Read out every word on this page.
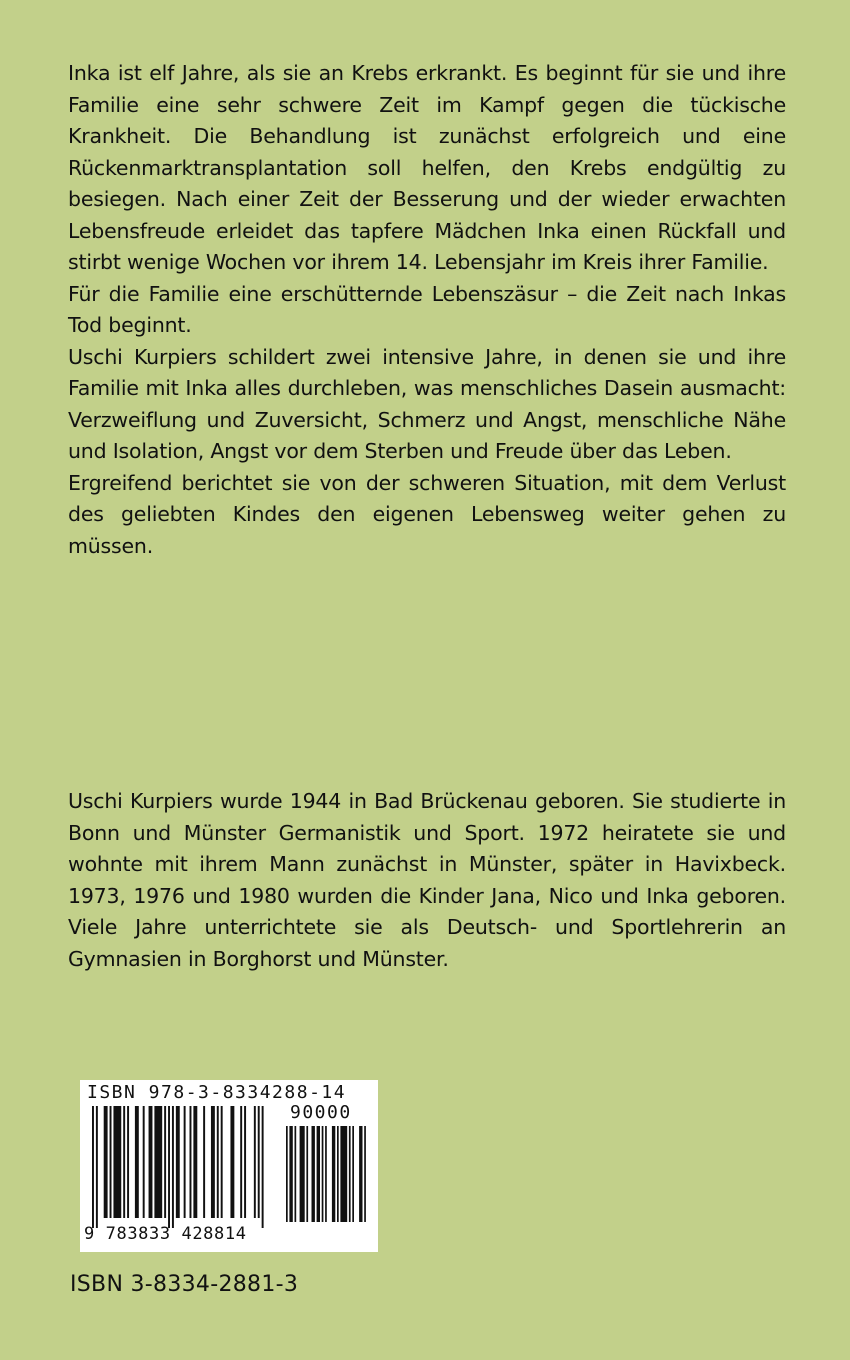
Inka ist elf Jahre, als sie an Krebs erkrankt. Es beginnt für sie und ihre Familie eine sehr schwere Zeit im Kampf gegen die tückische Krankheit. Die Behandlung ist zunächst erfolgreich und eine Rückenmarktransplantation soll helfen, den Krebs endgültig zu besiegen. Nach einer Zeit der Besserung und der wieder erwachten Lebensfreude erleidet das tapfere Mädchen Inka einen Rückfall und stirbt wenige Wochen vor ihrem 14. Lebensjahr im Kreis ihrer Familie.

Für die Familie eine erschütternde Lebenszäsur – die Zeit nach Inkas Tod beginnt.

Uschi Kurpiers schildert zwei intensive Jahre, in denen sie und ihre Familie mit Inka alles durchleben, was menschliches Dasein ausmacht: Verzweiflung und Zuversicht, Schmerz und Angst, menschliche Nähe und Isolation, Angst vor dem Sterben und Freude über das Leben.

Ergreifend berichtet sie von der schweren Situation, mit dem Verlust des geliebten Kindes den eigenen Lebensweg weiter gehen zu müssen.

Uschi Kurpiers wurde 1944 in Bad Brückenau geboren. Sie studierte in Bonn und Münster Germanistik und Sport. 1972 heiratete sie und wohnte mit ihrem Mann zunächst in Münster, später in Havixbeck. 1973, 1976 und 1980 wurden die Kinder Jana, Nico und Inka geboren. Viele Jahre unterrichtete sie als Deutsch- und Sportlehrerin an Gymnasien in Borghorst und Münster.

ISBN 978-3-8334288-14
90000
9 783833 428814
ISBN 3-8334-2881-3
